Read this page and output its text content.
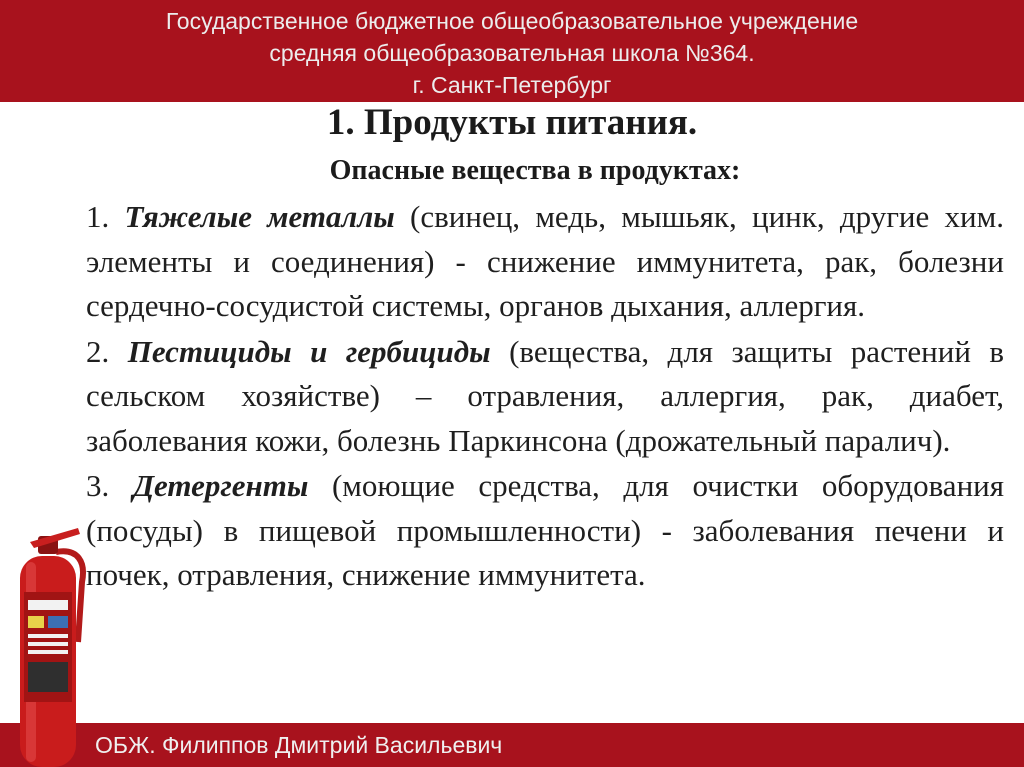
Государственное бюджетное общеобразовательное учреждение
средняя общеобразовательная школа №364.
г. Санкт-Петербург
1. Продукты питания.
Опасные вещества в продуктах:

1. Тяжелые металлы (свинец, медь, мышьяк, цинк, другие хим. элементы и соединения) - снижение иммунитета, рак, болезни сердечно-сосудистой системы, органов дыхания, аллергия.

2. Пестициды и гербициды (вещества, для защиты растений в сельском хозяйстве) – отравления, аллергия, рак, диабет, заболевания кожи, болезнь Паркинсона (дрожательный паралич).

3. Детергенты (моющие средства, для очистки оборудования (посуды) в пищевой промышленности) - заболевания печени и почек, отравления, снижение иммунитета.

ОБЖ. Филиппов Дмитрий Васильевич
